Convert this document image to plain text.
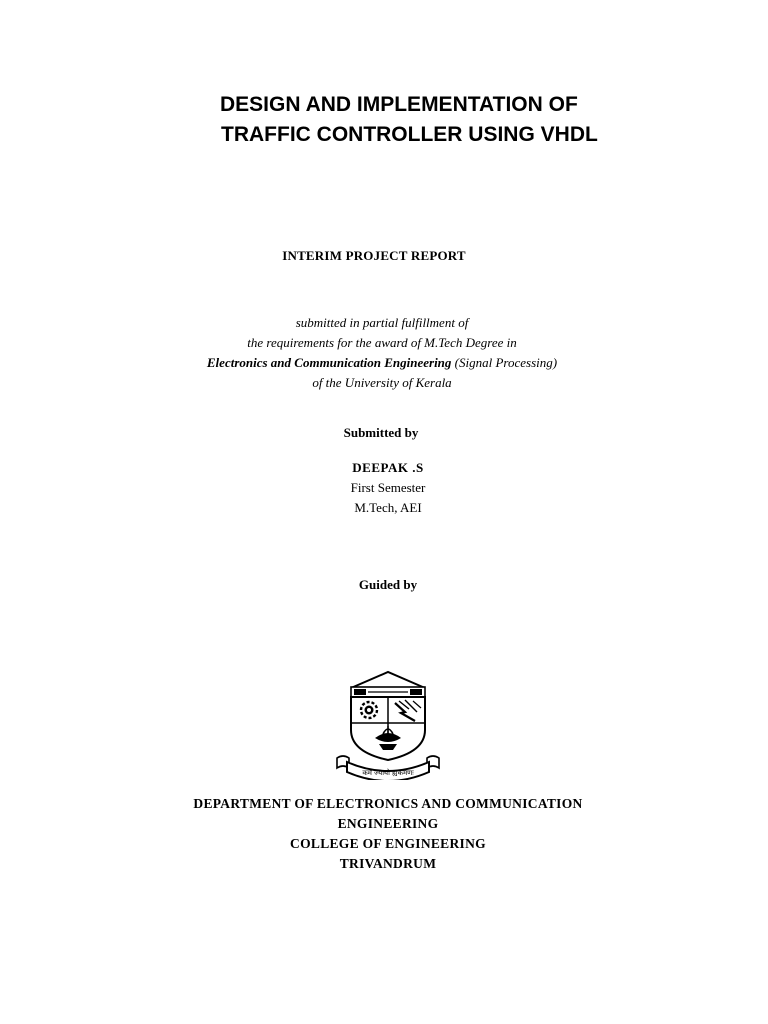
DESIGN AND IMPLEMENTATION OF
TRAFFIC CONTROLLER USING VHDL
INTERIM PROJECT REPORT
submitted in partial fulfillment of
the requirements for the award of M.Tech Degree in
Electronics and Communication Engineering (Signal Processing)
of the University of Kerala
Submitted by
DEEPAK .S
First Semester
M.Tech, AEI
Guided by
कर्म ज्यायो ह्यकर्मणः
DEPARTMENT OF ELECTRONICS AND COMMUNICATION
ENGINEERING
COLLEGE OF ENGINEERING
TRIVANDRUM
